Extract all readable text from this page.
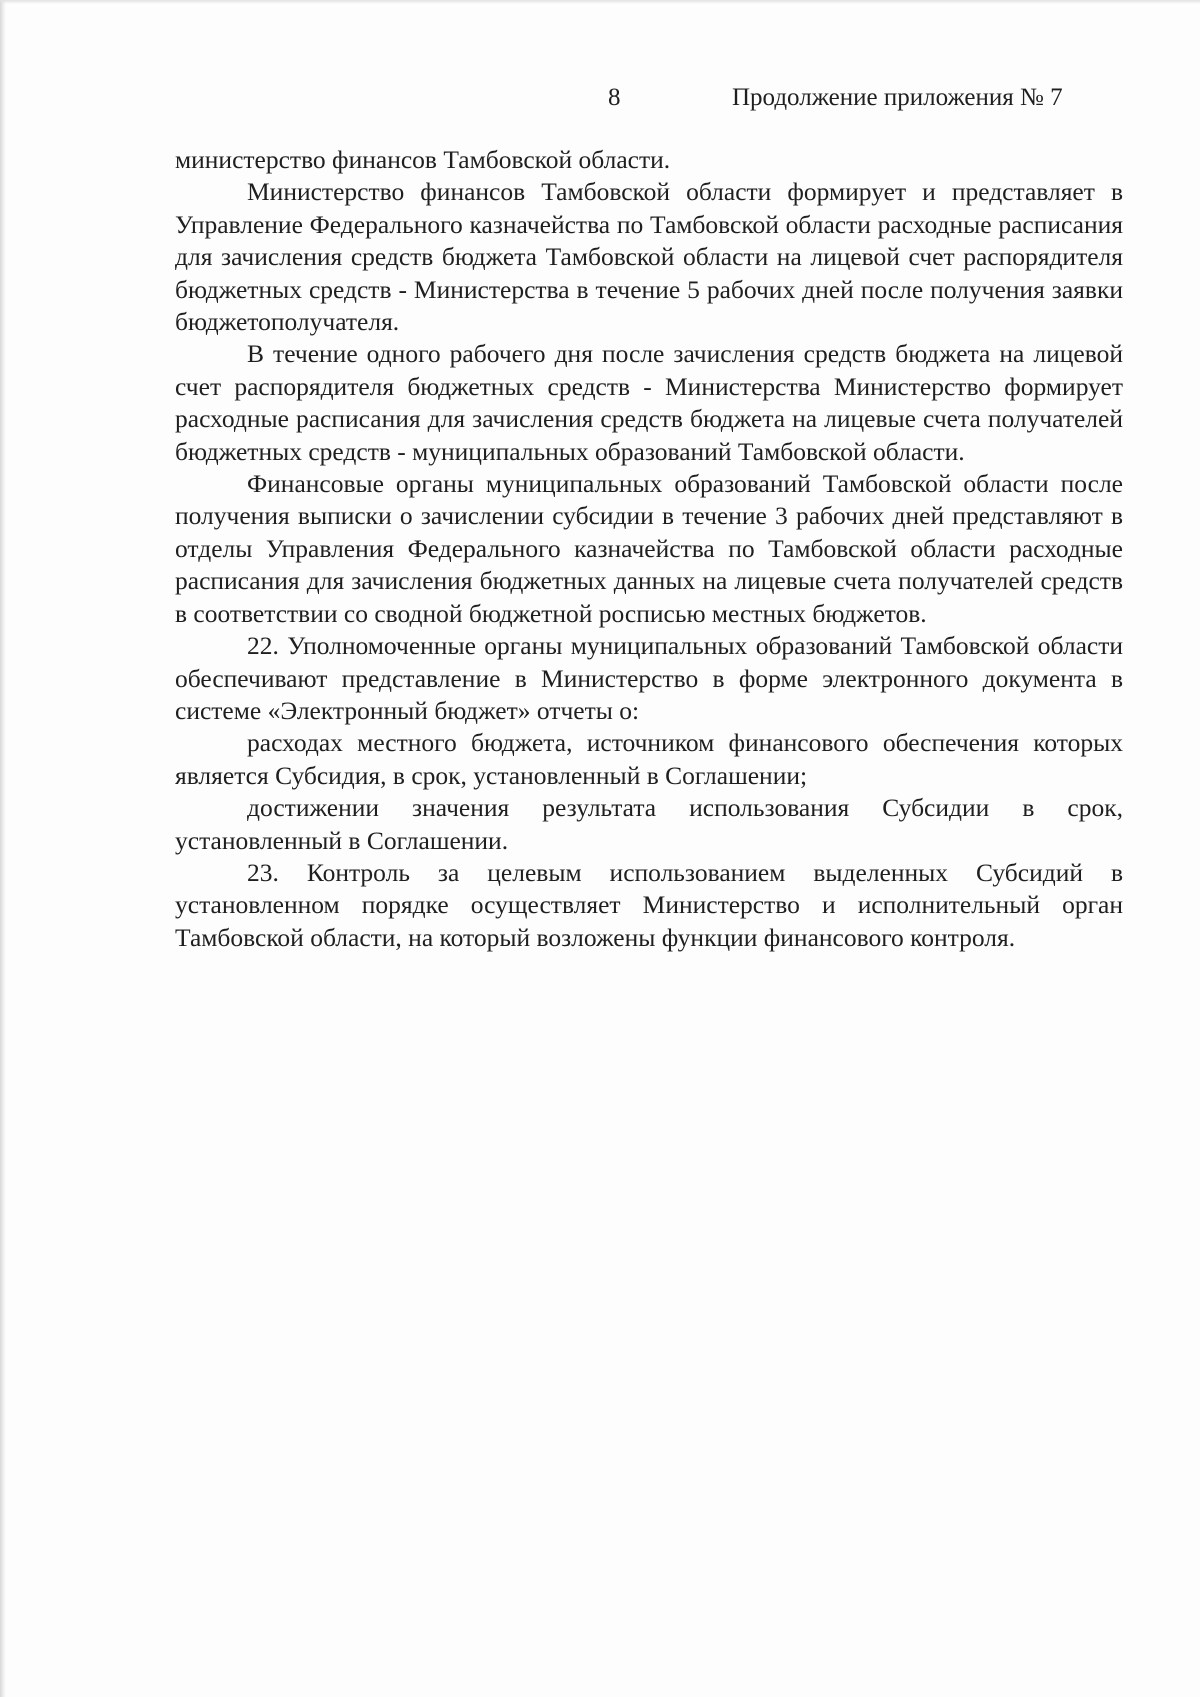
8	Продолжение приложения № 7

министерство финансов Тамбовской области.

Министерство финансов Тамбовской области формирует и представляет в Управление Федерального казначейства по Тамбовской области расходные расписания для зачисления средств бюджета Тамбовской области на лицевой счет распорядителя бюджетных средств - Министерства в течение 5 рабочих дней после получения заявки бюджетополучателя.

В течение одного рабочего дня после зачисления средств бюджета на лицевой счет распорядителя бюджетных средств - Министерства Министерство формирует расходные расписания для зачисления средств бюджета на лицевые счета получателей бюджетных средств - муниципальных образований Тамбовской области.

Финансовые органы муниципальных образований Тамбовской области после получения выписки о зачислении субсидии в течение 3 рабочих дней представляют в отделы Управления Федерального казначейства по Тамбовской области расходные расписания для зачисления бюджетных данных на лицевые счета получателей средств в соответствии со сводной бюджетной росписью местных бюджетов.

22. Уполномоченные органы муниципальных образований Тамбовской области обеспечивают представление в Министерство в форме электронного документа в системе «Электронный бюджет» отчеты о:

расходах местного бюджета, источником финансового обеспечения которых является Субсидия, в срок, установленный в Соглашении;

достижении значения результата использования Субсидии в срок, установленный в Соглашении.

23. Контроль за целевым использованием выделенных Субсидий в установленном порядке осуществляет Министерство и исполнительный орган Тамбовской области, на который возложены функции финансового контроля.
